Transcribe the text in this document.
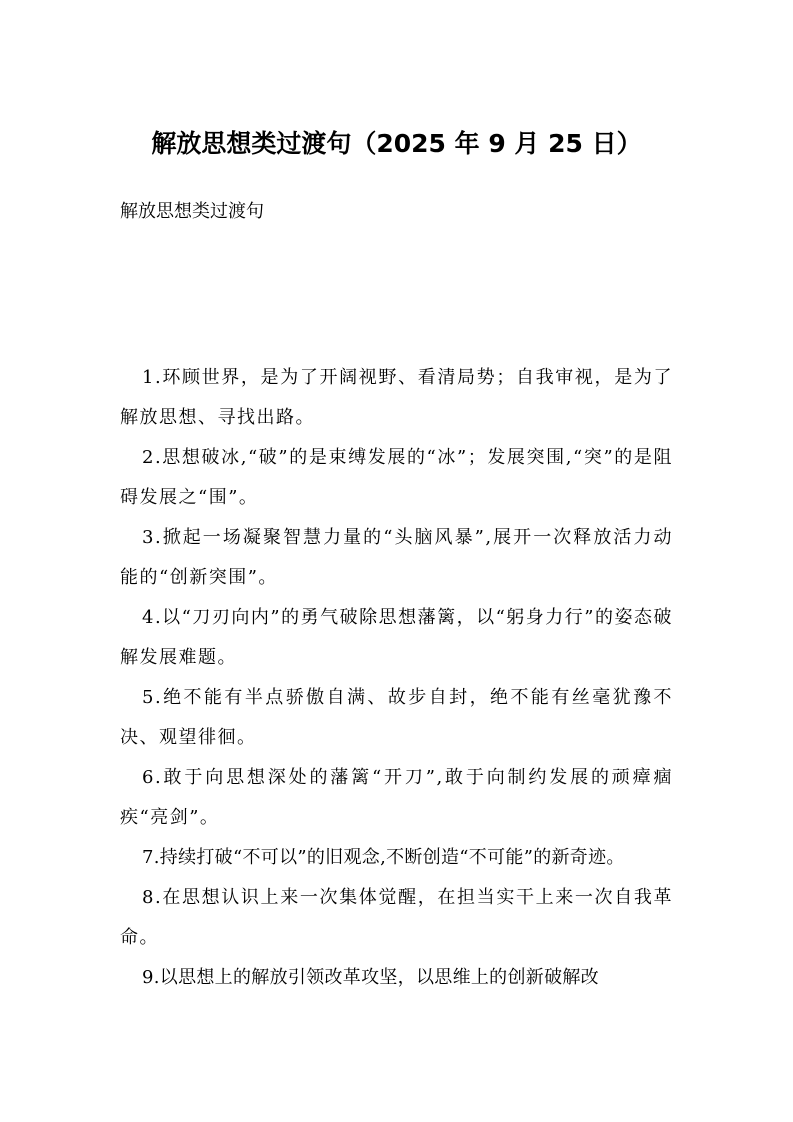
解放思想类过渡句（2025 年 9 月 25 日）
解放思想类过渡句

1.环顾世界，是为了开阔视野、看清局势；自我审视，是为了解放思想、寻找出路。

2.思想破冰,“破”的是束缚发展的“冰”；发展突围,“突”的是阻碍发展之“围”。

3.掀起一场凝聚智慧力量的“头脑风暴”,展开一次释放活力动能的“创新突围”。

4.以“刀刃向内”的勇气破除思想藩篱，以“躬身力行”的姿态破解发展难题。

5.绝不能有半点骄傲自满、故步自封，绝不能有丝毫犹豫不决、观望徘徊。

6.敢于向思想深处的藩篱“开刀”,敢于向制约发展的顽瘴痼疾“亮剑”。

7.持续打破“不可以”的旧观念,不断创造“不可能”的新奇迹。

8.在思想认识上来一次集体觉醒，在担当实干上来一次自我革命。

9.以思想上的解放引领改革攻坚，以思维上的创新破解改
